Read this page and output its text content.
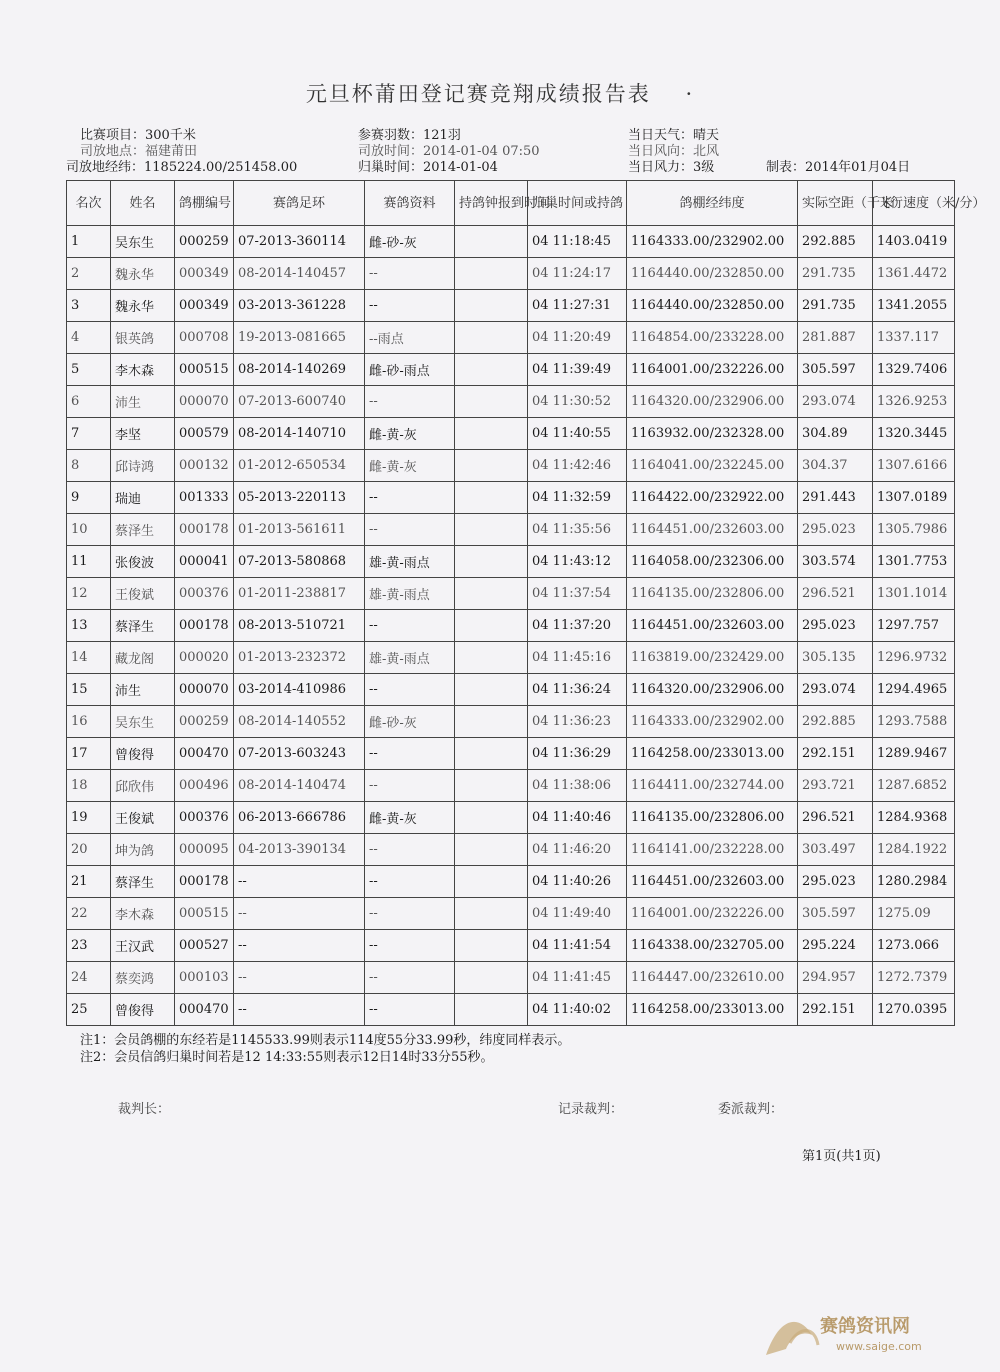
元旦杯莆田登记赛竞翔成绩报告表 ·
比赛项目：300千米
司放地点：福建莆田
司放地经纬：1185224.00/251458.00
参赛羽数：121羽
司放时间：2014-01-04 07:50
归巢时间：2014-01-04
当日天气：晴天
当日风向：北风
当日风力：3级	制表：2014年01月04日
名次	姓名	鸽棚编号	赛鸽足环	赛鸽资料	持鸽钟报到时间	归巢时间或持鸽	鸽棚经纬度	实际空距（千米）	飞行速度（米/分）
1	吴东生	000259	07-2013-360114	雌-砂-灰		04 11:18:45	1164333.00/232902.00	292.885	1403.0419
2	魏永华	000349	08-2014-140457	--		04 11:24:17	1164440.00/232850.00	291.735	1361.4472
3	魏永华	000349	03-2013-361228	--		04 11:27:31	1164440.00/232850.00	291.735	1341.2055
4	银英鸽	000708	19-2013-081665	--雨点		04 11:20:49	1164854.00/233228.00	281.887	1337.117
5	李木森	000515	08-2014-140269	雌-砂-雨点		04 11:39:49	1164001.00/232226.00	305.597	1329.7406
6	沛生	000070	07-2013-600740	--		04 11:30:52	1164320.00/232906.00	293.074	1326.9253
7	李坚	000579	08-2014-140710	雌-黄-灰		04 11:40:55	1163932.00/232328.00	304.89	1320.3445
8	邱诗鸿	000132	01-2012-650534	雌-黄-灰		04 11:42:46	1164041.00/232245.00	304.37	1307.6166
9	瑞迪	001333	05-2013-220113	--		04 11:32:59	1164422.00/232922.00	291.443	1307.0189
10	蔡泽生	000178	01-2013-561611	--		04 11:35:56	1164451.00/232603.00	295.023	1305.7986
11	张俊波	000041	07-2013-580868	雄-黄-雨点		04 11:43:12	1164058.00/232306.00	303.574	1301.7753
12	王俊斌	000376	01-2011-238817	雄-黄-雨点		04 11:37:54	1164135.00/232806.00	296.521	1301.1014
13	蔡泽生	000178	08-2013-510721	--		04 11:37:20	1164451.00/232603.00	295.023	1297.757
14	藏龙阁	000020	01-2013-232372	雄-黄-雨点		04 11:45:16	1163819.00/232429.00	305.135	1296.9732
15	沛生	000070	03-2014-410986	--		04 11:36:24	1164320.00/232906.00	293.074	1294.4965
16	吴东生	000259	08-2014-140552	雌-砂-灰		04 11:36:23	1164333.00/232902.00	292.885	1293.7588
17	曾俊得	000470	07-2013-603243	--		04 11:36:29	1164258.00/233013.00	292.151	1289.9467
18	邱欣伟	000496	08-2014-140474	--		04 11:38:06	1164411.00/232744.00	293.721	1287.6852
19	王俊斌	000376	06-2013-666786	雌-黄-灰		04 11:40:46	1164135.00/232806.00	296.521	1284.9368
20	坤为鸽	000095	04-2013-390134	--		04 11:46:20	1164141.00/232228.00	303.497	1284.1922
21	蔡泽生	000178	--	--		04 11:40:26	1164451.00/232603.00	295.023	1280.2984
22	李木森	000515	--	--		04 11:49:40	1164001.00/232226.00	305.597	1275.09
23	王汉武	000527	--	--		04 11:41:54	1164338.00/232705.00	295.224	1273.066
24	蔡奕鸿	000103	--	--		04 11:41:45	1164447.00/232610.00	294.957	1272.7379
25	曾俊得	000470	--	--		04 11:40:02	1164258.00/233013.00	292.151	1270.0395
注1：会员鸽棚的东经若是1145533.99则表示114度55分33.99秒，纬度同样表示。
注2：会员信鸽归巢时间若是12 14:33:55则表示12日14时33分55秒。
裁判长：	记录裁判：	委派裁判：
第1页(共1页)
赛鸽资讯网
www.saige.com
